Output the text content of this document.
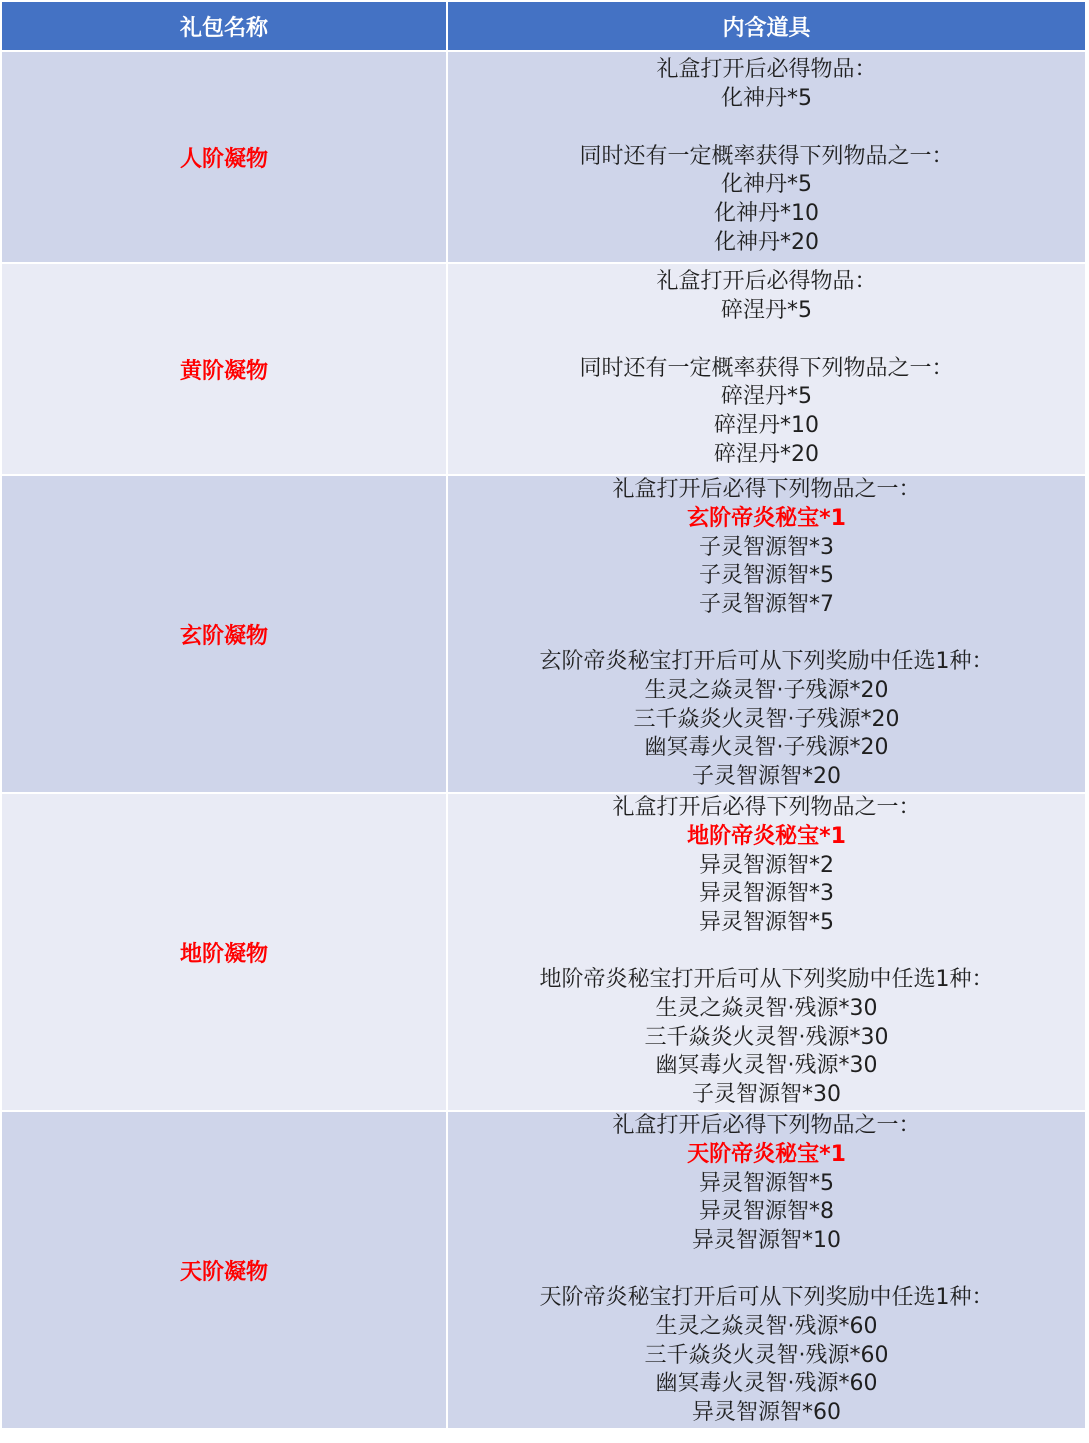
礼包名称	内含道具
人阶凝物
礼盒打开后必得物品：
化神丹*5
同时还有一定概率获得下列物品之一：
化神丹*5
化神丹*10
化神丹*20
黄阶凝物
礼盒打开后必得物品：
碎涅丹*5
同时还有一定概率获得下列物品之一：
碎涅丹*5
碎涅丹*10
碎涅丹*20
玄阶凝物
礼盒打开后必得下列物品之一：
玄阶帝炎秘宝*1
子灵智源智*3
子灵智源智*5
子灵智源智*7
玄阶帝炎秘宝打开后可从下列奖励中任选1种：
生灵之焱灵智·子残源*20
三千焱炎火灵智·子残源*20
幽冥毒火灵智·子残源*20
子灵智源智*20
地阶凝物
礼盒打开后必得下列物品之一：
地阶帝炎秘宝*1
异灵智源智*2
异灵智源智*3
异灵智源智*5
地阶帝炎秘宝打开后可从下列奖励中任选1种：
生灵之焱灵智·残源*30
三千焱炎火灵智·残源*30
幽冥毒火灵智·残源*30
子灵智源智*30
天阶凝物
礼盒打开后必得下列物品之一：
天阶帝炎秘宝*1
异灵智源智*5
异灵智源智*8
异灵智源智*10
天阶帝炎秘宝打开后可从下列奖励中任选1种：
生灵之焱灵智·残源*60
三千焱炎火灵智·残源*60
幽冥毒火灵智·残源*60
异灵智源智*60
